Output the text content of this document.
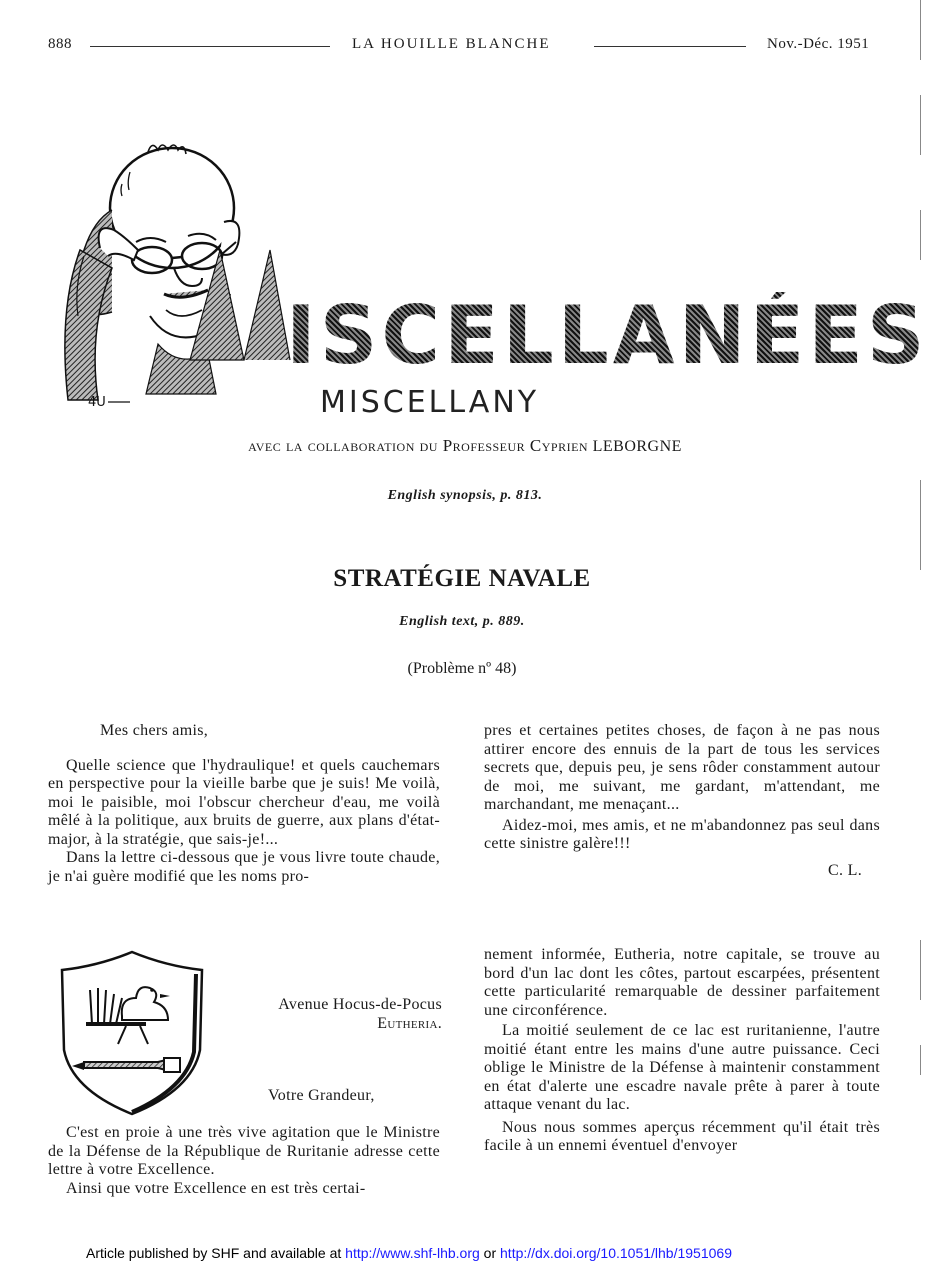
888	LA HOUILLE BLANCHE	Nov.-Déc. 1951
4U
ISCELLANÉES
MISCELLANY
avec la collaboration du Professeur Cyprien LEBORGNE
English synopsis, p. 813.
STRATÉGIE NAVALE
English text, p. 889.
(Problème nº 48)

Mes chers amis,

Quelle science que l'hydraulique! et quels cauchemars en perspective pour la vieille barbe que je suis! Me voilà, moi le paisible, moi l'obscur chercheur d'eau, me voilà mêlé à la politique, aux bruits de guerre, aux plans d'état-major, à la stratégie, que sais-je!...

Dans la lettre ci-dessous que je vous livre toute chaude, je n'ai guère modifié que les noms pro-

pres et certaines petites choses, de façon à ne pas nous attirer encore des ennuis de la part de tous les services secrets que, depuis peu, je sens rôder constamment autour de moi, me suivant, me gardant, m'attendant, me marchandant, me menaçant...

Aidez-moi, mes amis, et ne m'abandonnez pas seul dans cette sinistre galère!!!

C. L.

Avenue Hocus-de-Pocus

Eutheria.

Votre Grandeur,

C'est en proie à une très vive agitation que le Ministre de la Défense de la République de Ruritanie adresse cette lettre à votre Excellence.

Ainsi que votre Excellence en est très certai-

nement informée, Eutheria, notre capitale, se trouve au bord d'un lac dont les côtes, partout escarpées, présentent cette particularité remarquable de dessiner parfaitement une circonférence.

La moitié seulement de ce lac est ruritanienne, l'autre moitié étant entre les mains d'une autre puissance. Ceci oblige le Ministre de la Défense à maintenir constamment en état d'alerte une escadre navale prête à parer à toute attaque venant du lac.

Nous nous sommes aperçus récemment qu'il était très facile à un ennemi éventuel d'envoyer

Article published by SHF and available at http://www.shf-lhb.org or http://dx.doi.org/10.1051/lhb/1951069
